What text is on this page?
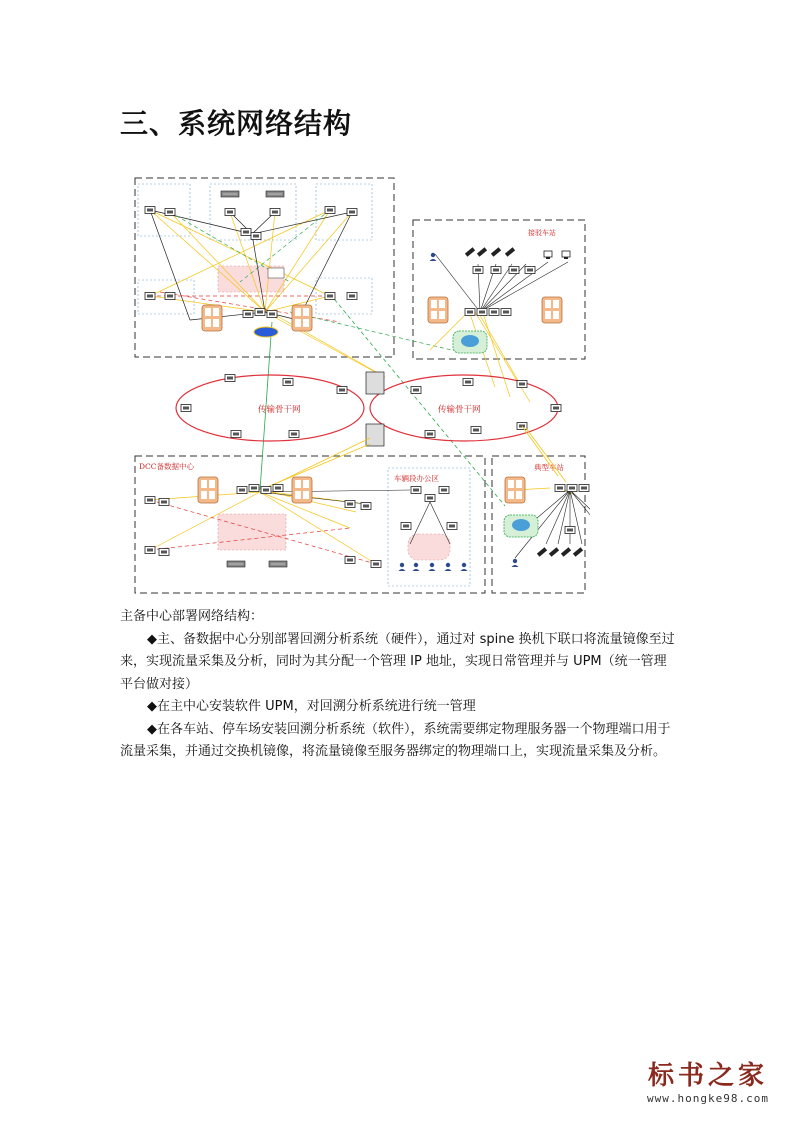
三、系统网络结构
接驳车站
DCC备数据中心
车辆段办公区
典型车站
传输骨干网	传输骨干网

主备中心部署网络结构：

◆主、备数据中心分别部署回溯分析系统（硬件），通过对 spine 换机下联口将流量镜像至过来，实现流量采集及分析，同时为其分配一个管理 IP 地址，实现日常管理并与 UPM（统一管理平台做对接）

◆在主中心安装软件 UPM，对回溯分析系统进行统一管理

◆在各车站、停车场安装回溯分析系统（软件），系统需要绑定物理服务器一个物理端口用于流量采集，并通过交换机镜像，将流量镜像至服务器绑定的物理端口上，实现流量采集及分析。

标书之家
www.hongke98.com
